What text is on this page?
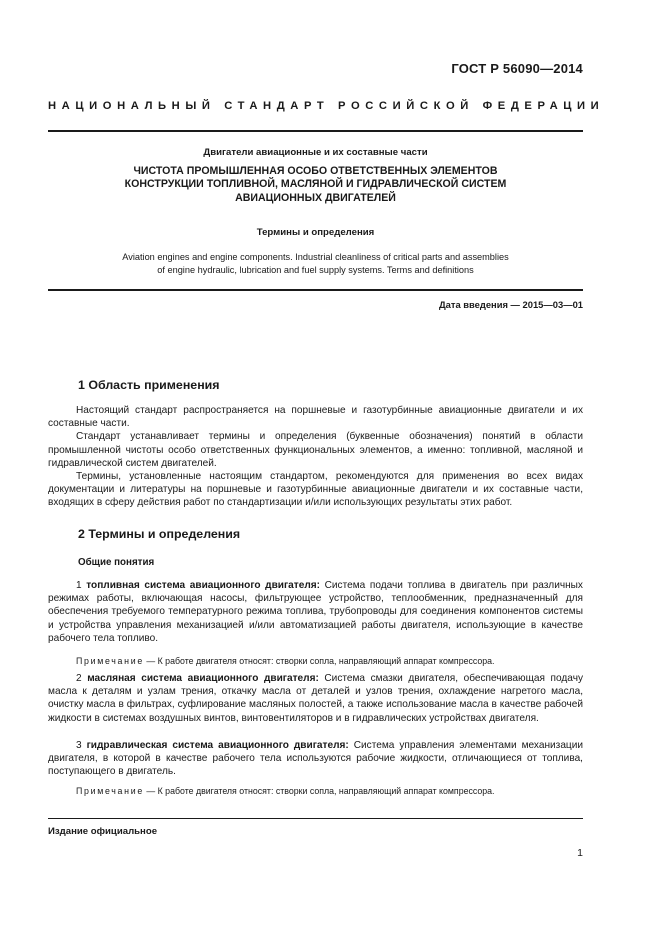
ГОСТ Р 56090—2014
НАЦИОНАЛЬНЫЙ СТАНДАРТ РОССИЙСКОЙ ФЕДЕРАЦИИ
Двигатели авиационные и их составные части
ЧИСТОТА ПРОМЫШЛЕННАЯ ОСОБО ОТВЕТСТВЕННЫХ ЭЛЕМЕНТОВ
КОНСТРУКЦИИ ТОПЛИВНОЙ, МАСЛЯНОЙ И ГИДРАВЛИЧЕСКОЙ СИСТЕМ
АВИАЦИОННЫХ ДВИГАТЕЛЕЙ
Термины и определения
Aviation engines and engine components. Industrial cleanliness of critical parts and assemblies
of engine hydraulic, lubrication and fuel supply systems. Terms and definitions
Дата введения — 2015—03—01
1 Область применения

Настоящий стандарт распространяется на поршневые и газотурбинные авиационные двигатели и их составные части.

Стандарт устанавливает термины и определения (буквенные обозначения) понятий в области промышленной чистоты особо ответственных функциональных элементов, а именно: топливной, масляной и гидравлической систем двигателей.

Термины, установленные настоящим стандартом, рекомендуются для применения во всех видах документации и литературы на поршневые и газотурбинные авиационные двигатели и их составные части, входящих в сферу действия работ по стандартизации и/или использующих результаты этих работ.

2 Термины и определения
Общие понятия

1 топливная система авиационного двигателя: Система подачи топлива в двигатель при различных режимах работы, включающая насосы, фильтрующее устройство, теплообменник, предназначенный для обеспечения требуемого температурного режима топлива, трубопроводы для соединения компонентов системы и устройства управления механизацией и/или автоматизацией работы двигателя, использующие в качестве рабочего тела топливо.

Примечание — К работе двигателя относят: створки сопла, направляющий аппарат компрессора.

2 масляная система авиационного двигателя: Система смазки двигателя, обеспечивающая подачу масла к деталям и узлам трения, откачку масла от деталей и узлов трения, охлаждение нагретого масла, очистку масла в фильтрах, суфлирование масляных полостей, а также использование масла в качестве рабочей жидкости в системах воздушных винтов, винтовентиляторов и в гидравлических устройствах двигателя.

3 гидравлическая система авиационного двигателя: Система управления элементами механизации двигателя, в которой в качестве рабочего тела используются рабочие жидкости, отличающиеся от топлива, поступающего в двигатель.

Примечание — К работе двигателя относят: створки сопла, направляющий аппарат компрессора.
Издание официальное
1
